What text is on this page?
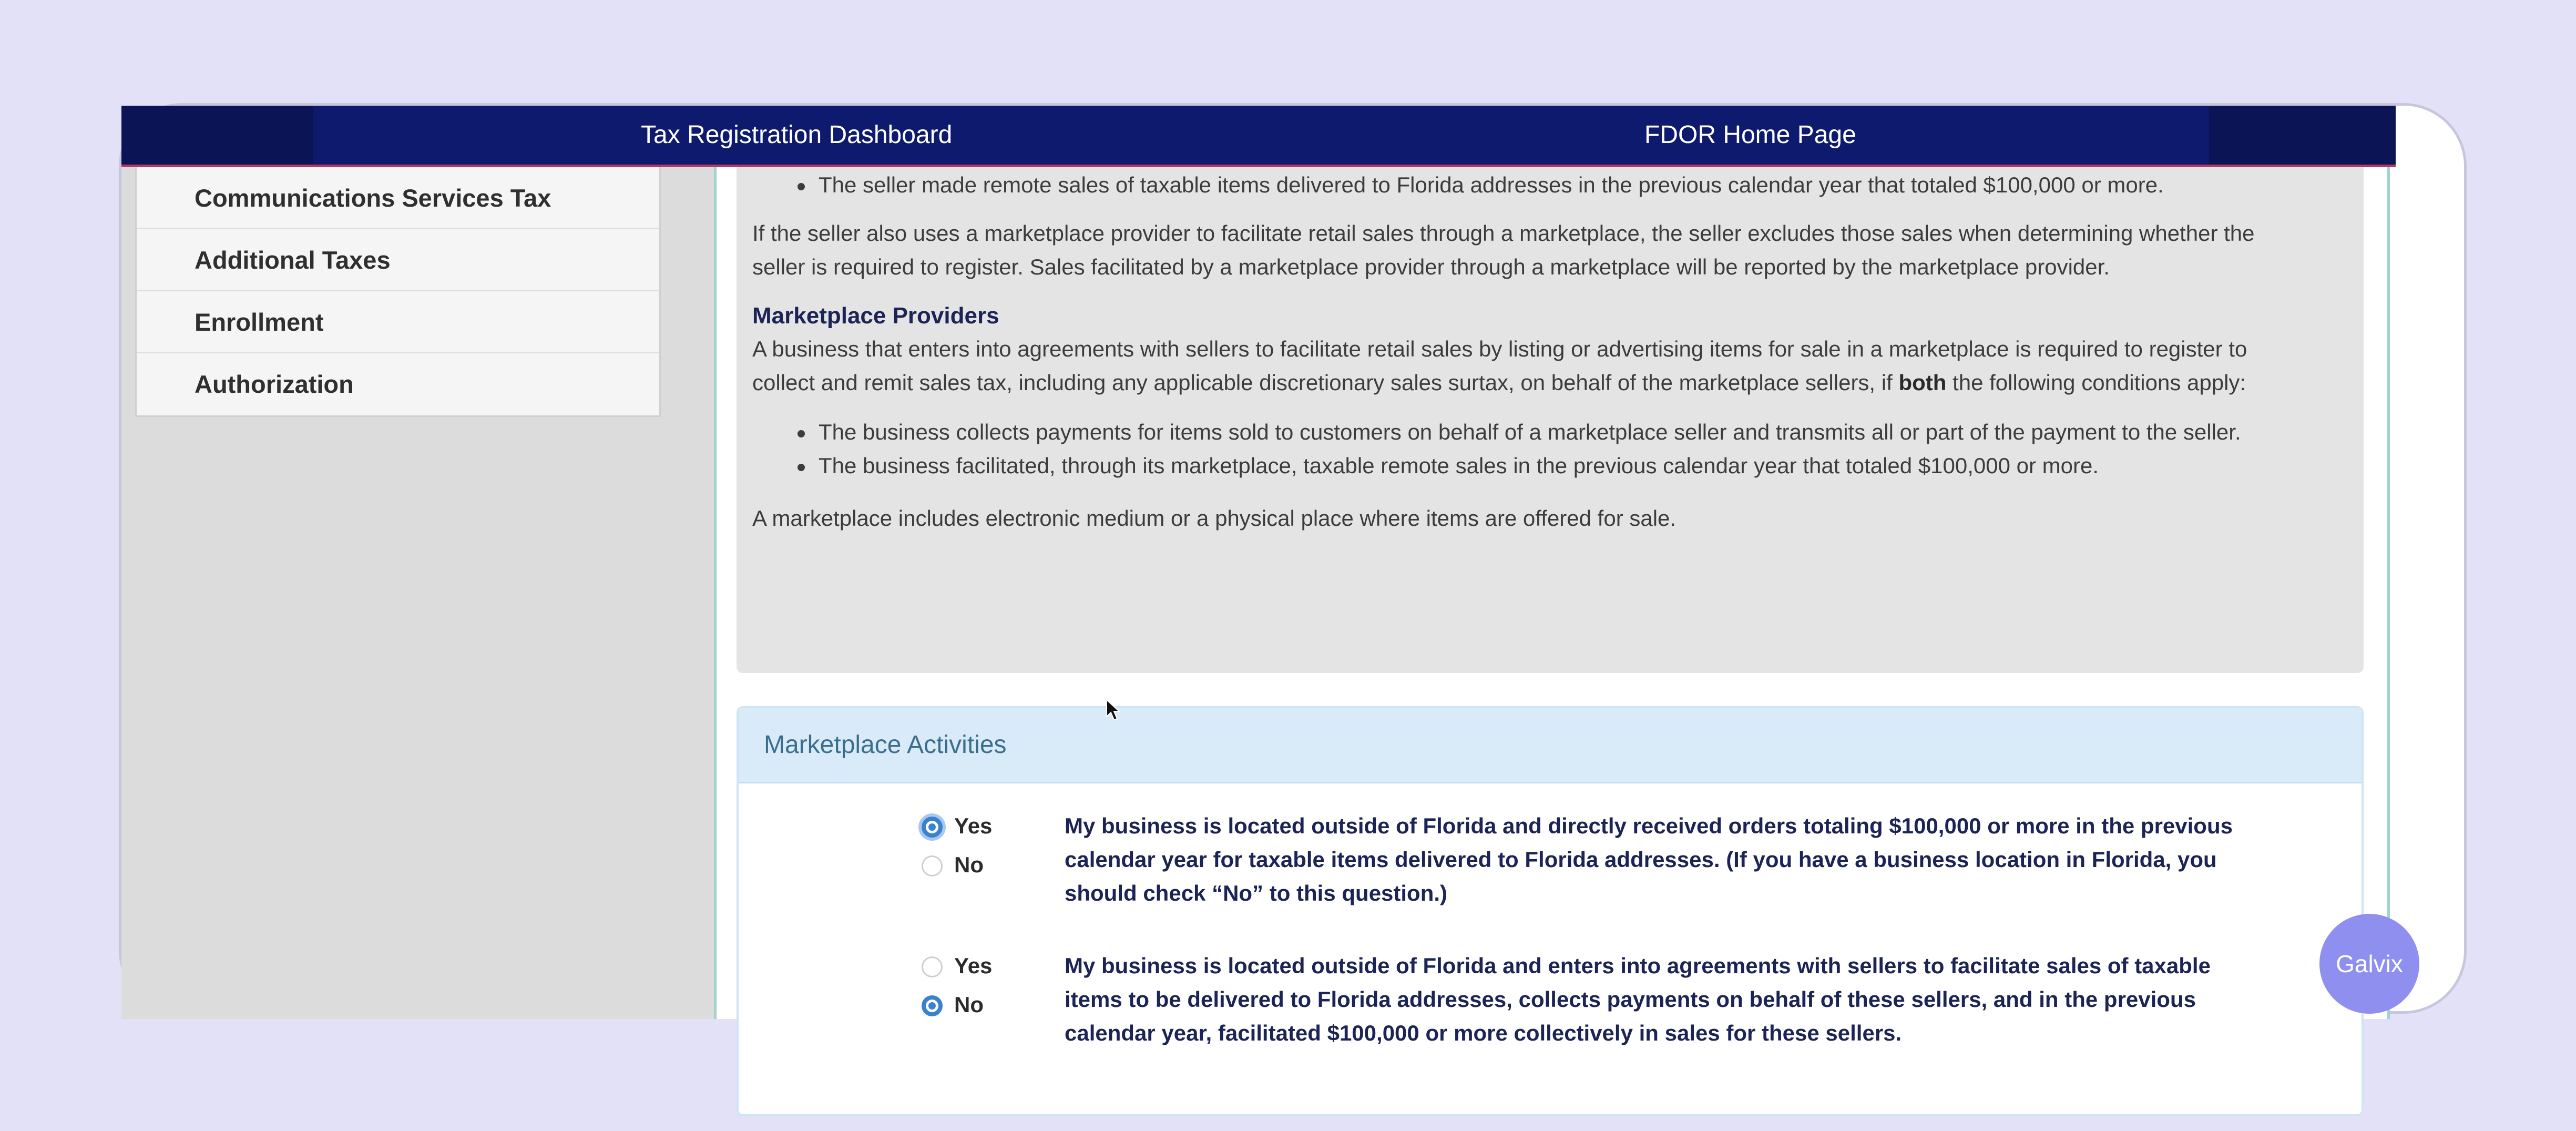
Tax Registration Dashboard	FDOR Home Page
Communications Services Tax
Additional Taxes
Enrollment
Authorization
The seller made remote sales of taxable items delivered to Florida addresses in the previous calendar year that totaled $100,000 or more.
If the seller also uses a marketplace provider to facilitate retail sales through a marketplace, the seller excludes those sales when determining whether the
seller is required to register. Sales facilitated by a marketplace provider through a marketplace will be reported by the marketplace provider.
Marketplace Providers
A business that enters into agreements with sellers to facilitate retail sales by listing or advertising items for sale in a marketplace is required to register to
collect and remit sales tax, including any applicable discretionary sales surtax, on behalf of the marketplace sellers, if both the following conditions apply:
The business collects payments for items sold to customers on behalf of a marketplace seller and transmits all or part of the payment to the seller.
The business facilitated, through its marketplace, taxable remote sales in the previous calendar year that totaled $100,000 or more.
A marketplace includes electronic medium or a physical place where items are offered for sale.
Marketplace Activities
Yes
No
My business is located outside of Florida and directly received orders totaling $100,000 or more in the previous
calendar year for taxable items delivered to Florida addresses. (If you have a business location in Florida, you
should check “No” to this question.)
Yes
No
My business is located outside of Florida and enters into agreements with sellers to facilitate sales of taxable
items to be delivered to Florida addresses, collects payments on behalf of these sellers, and in the previous
calendar year, facilitated $100,000 or more collectively in sales for these sellers.
Galvix
